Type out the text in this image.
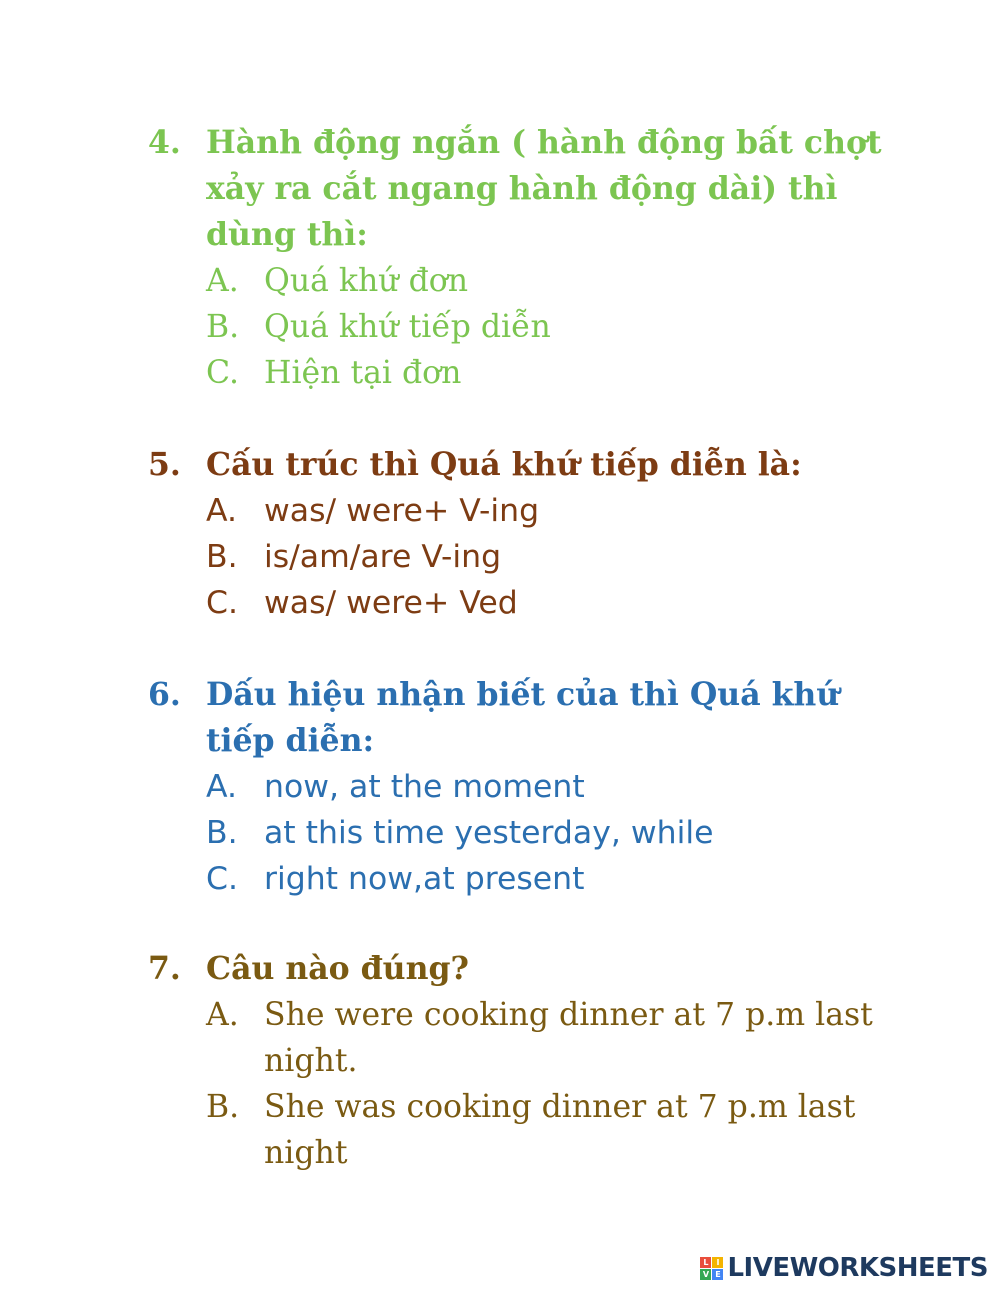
4. Hành động ngắn ( hành động bất chợt xảy ra cắt ngang hành động dài) thì dùng thì:
A. Quá khứ đơn
B. Quá khứ tiếp diễn
C. Hiện tại đơn
5. Cấu trúc thì Quá khứ tiếp diễn là:
A. was/ were+ V-ing
B. is/am/are V-ing
C. was/ were+ Ved
6. Dấu hiệu nhận biết của thì Quá khứ tiếp diễn:
A. now, at the moment
B. at this time yesterday, while
C. right now,at present
7. Câu nào đúng?
A. She were cooking dinner at 7 p.m last night.
B. She was cooking dinner at 7 p.m last night
L I
V E LIVEWORKSHEETS
